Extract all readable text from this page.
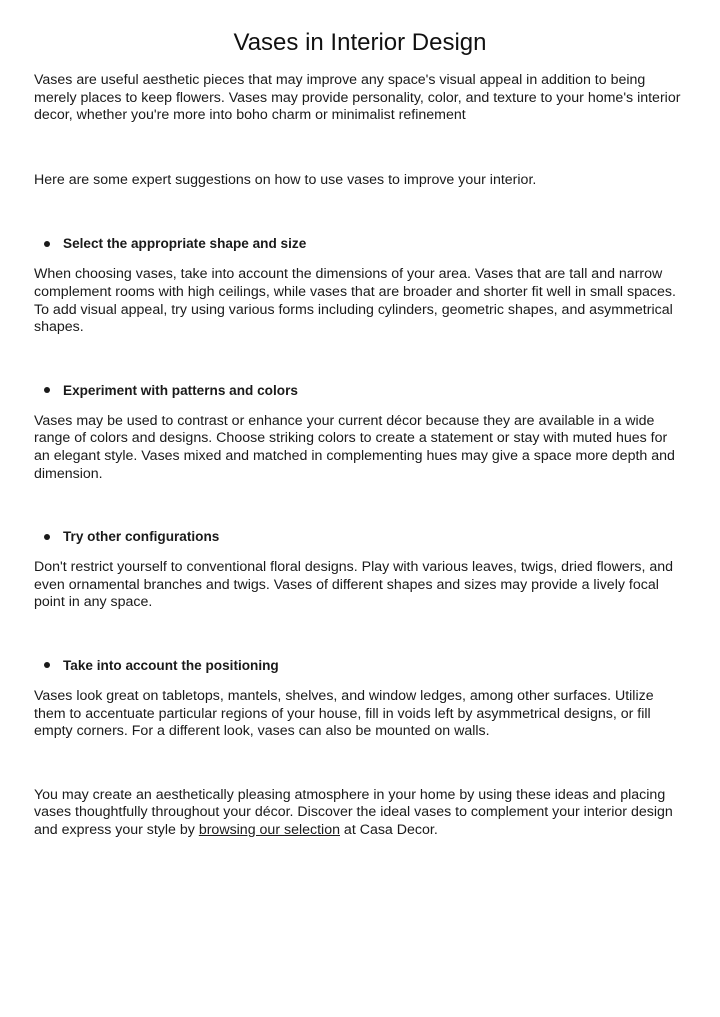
Vases in Interior Design

Vases are useful aesthetic pieces that may improve any space's visual appeal in addition to being merely places to keep flowers. Vases may provide personality, color, and texture to your home's interior decor, whether you're more into boho charm or minimalist refinement

Here are some expert suggestions on how to use vases to improve your interior.

Select the appropriate shape and size

When choosing vases, take into account the dimensions of your area. Vases that are tall and narrow complement rooms with high ceilings, while vases that are broader and shorter fit well in small spaces. To add visual appeal, try using various forms including cylinders, geometric shapes, and asymmetrical shapes.

Experiment with patterns and colors

Vases may be used to contrast or enhance your current décor because they are available in a wide range of colors and designs. Choose striking colors to create a statement or stay with muted hues for an elegant style. Vases mixed and matched in complementing hues may give a space more depth and dimension.

Try other configurations

Don't restrict yourself to conventional floral designs. Play with various leaves, twigs, dried flowers, and even ornamental branches and twigs. Vases of different shapes and sizes may provide a lively focal point in any space.

Take into account the positioning

Vases look great on tabletops, mantels, shelves, and window ledges, among other surfaces. Utilize them to accentuate particular regions of your house, fill in voids left by asymmetrical designs, or fill empty corners. For a different look, vases can also be mounted on walls.

You may create an aesthetically pleasing atmosphere in your home by using these ideas and placing vases thoughtfully throughout your décor. Discover the ideal vases to complement your interior design and express your style by browsing our selection at Casa Decor.
